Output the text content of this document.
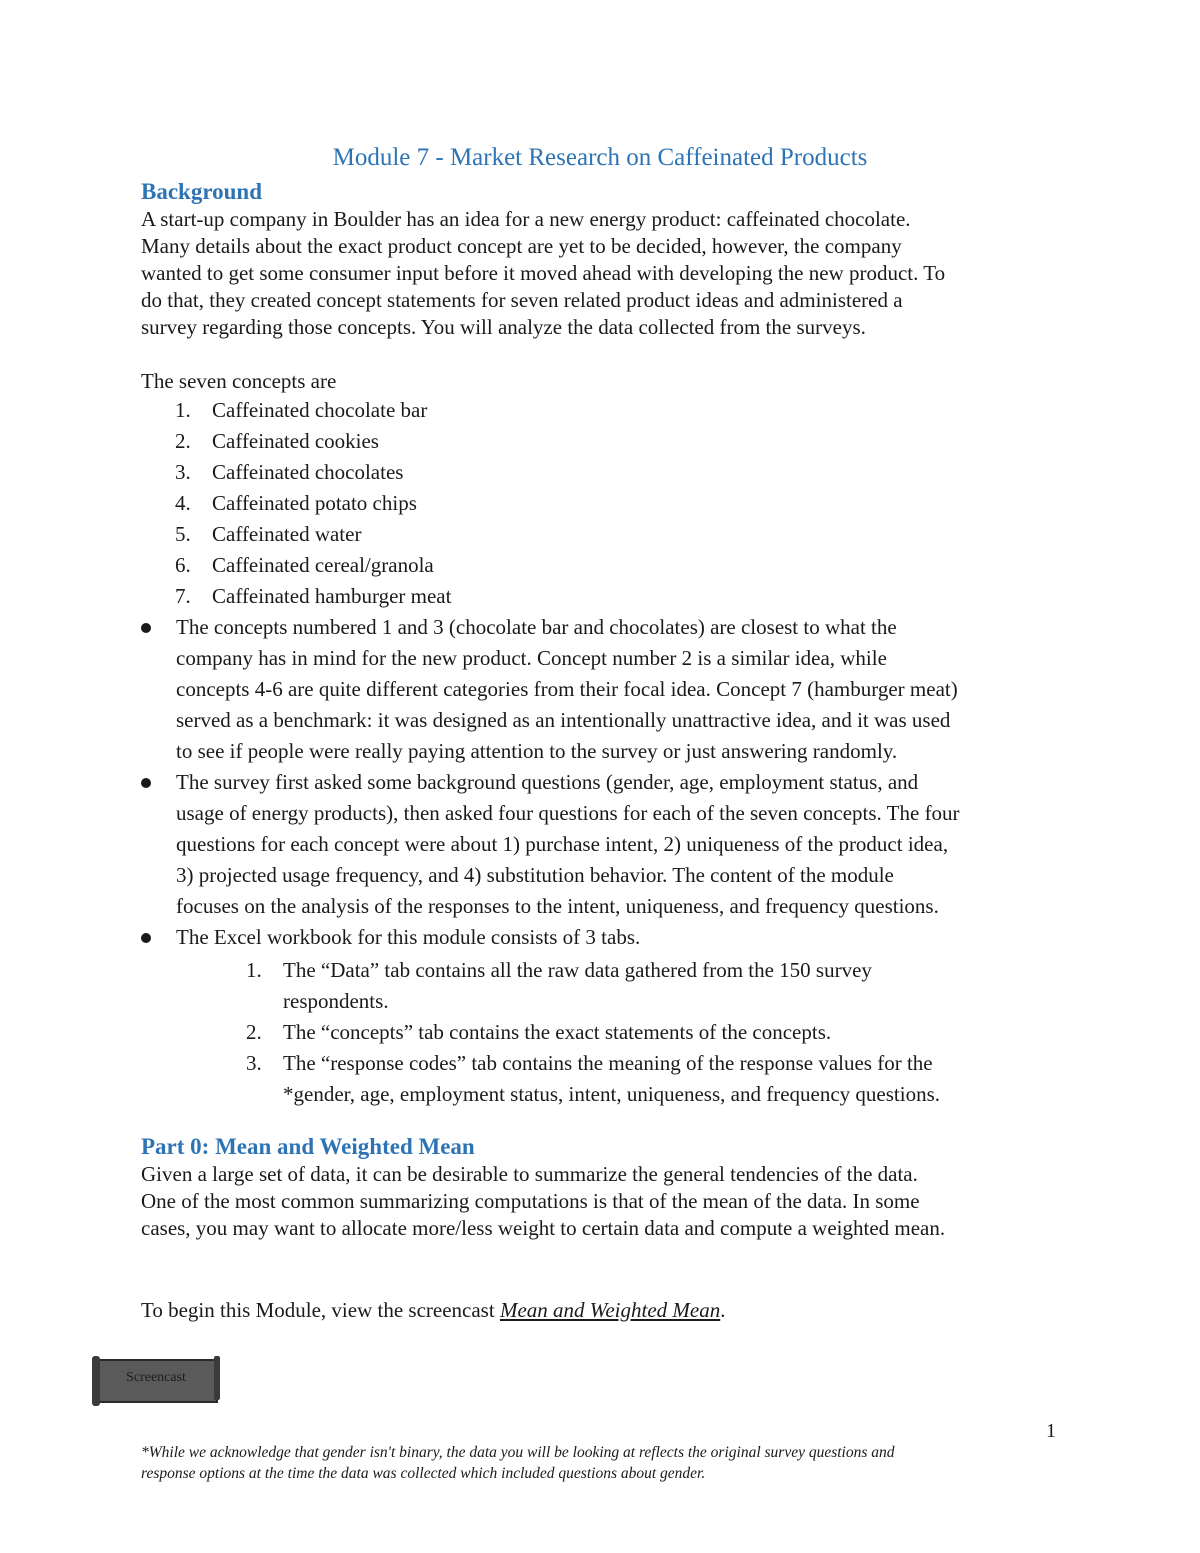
Module 7 - Market Research on Caffeinated Products
Background
A start-up company in Boulder has an idea for a new energy product: caffeinated chocolate.
Many details about the exact product concept are yet to be decided, however, the company
wanted to get some consumer input before it moved ahead with developing the new product. To
do that, they created concept statements for seven related product ideas and administered a
survey regarding those concepts. You will analyze the data collected from the surveys.
The seven concepts are
1. Caffeinated chocolate bar
2. Caffeinated cookies
3. Caffeinated chocolates
4. Caffeinated potato chips
5. Caffeinated water
6. Caffeinated cereal/granola
7. Caffeinated hamburger meat
The concepts numbered 1 and 3 (chocolate bar and chocolates) are closest to what the
company has in mind for the new product. Concept number 2 is a similar idea, while
concepts 4-6 are quite different categories from their focal idea. Concept 7 (hamburger meat)
served as a benchmark: it was designed as an intentionally unattractive idea, and it was used
to see if people were really paying attention to the survey or just answering randomly.
The survey first asked some background questions (gender, age, employment status, and
usage of energy products), then asked four questions for each of the seven concepts. The four
questions for each concept were about 1) purchase intent, 2) uniqueness of the product idea,
3) projected usage frequency, and 4) substitution behavior. The content of the module
focuses on the analysis of the responses to the intent, uniqueness, and frequency questions.
The Excel workbook for this module consists of 3 tabs.
1. The “Data” tab contains all the raw data gathered from the 150 survey
respondents.
2. The “concepts” tab contains the exact statements of the concepts.
3. The “response codes” tab contains the meaning of the response values for the
*gender, age, employment status, intent, uniqueness, and frequency questions.
Part 0: Mean and Weighted Mean
Given a large set of data, it can be desirable to summarize the general tendencies of the data.
One of the most common summarizing computations is that of the mean of the data. In some
cases, you may want to allocate more/less weight to certain data and compute a weighted mean.
To begin this Module, view the screencast Mean and Weighted Mean.
Screencast
1
*While we acknowledge that gender isn't binary, the data you will be looking at reflects the original survey questions and
response options at the time the data was collected which included questions about gender.
